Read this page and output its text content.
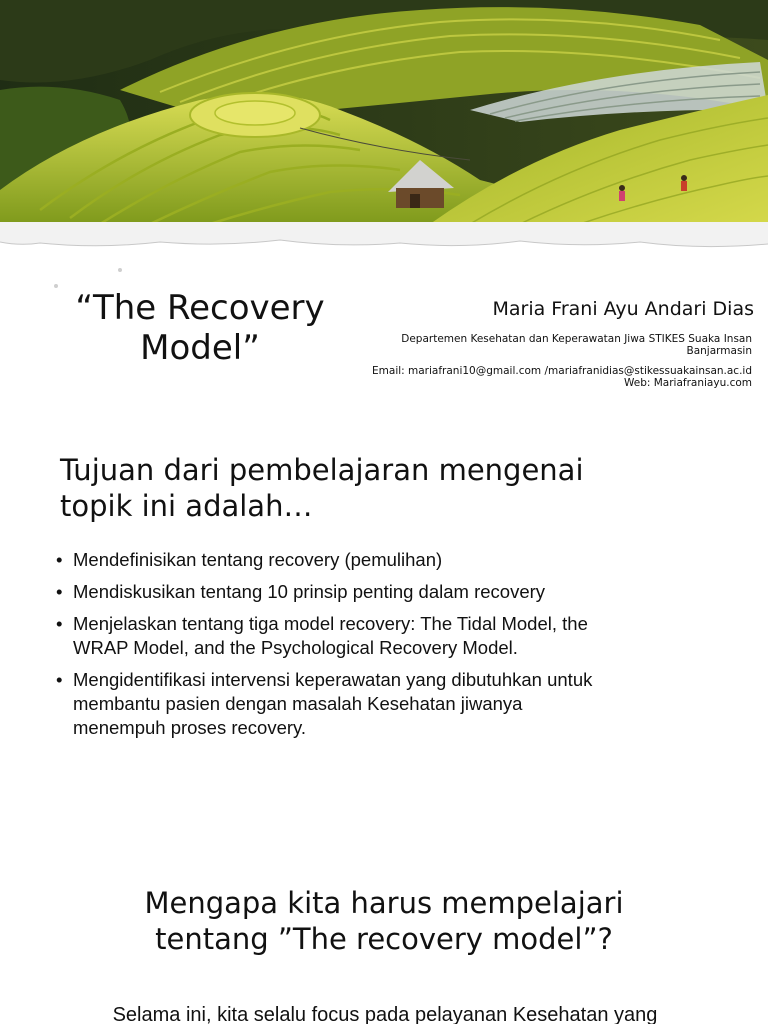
“The Recovery
Model”
Maria Frani Ayu Andari Dias
Departemen Kesehatan dan Keperawatan Jiwa STIKES Suaka Insan
Banjarmasin
Email: mariafrani10@gmail.com /mariafranidias@stikessuakainsan.ac.id
Web: Mariafraniayu.com
Tujuan dari pembelajaran mengenai
topik ini adalah…
• Mendefinisikan tentang recovery (pemulihan)
• Mendiskusikan tentang 10 prinsip penting dalam recovery
• Menjelaskan tentang tiga model recovery: The Tidal Model, the
WRAP Model, and the Psychological Recovery Model.
• Mengidentifikasi intervensi keperawatan yang dibutuhkan untuk
membantu pasien dengan masalah Kesehatan jiwanya
menempuh proses recovery.
Mengapa kita harus mempelajari
tentang ”The recovery model”?
Selama ini, kita selalu focus pada pelayanan Kesehatan yang
